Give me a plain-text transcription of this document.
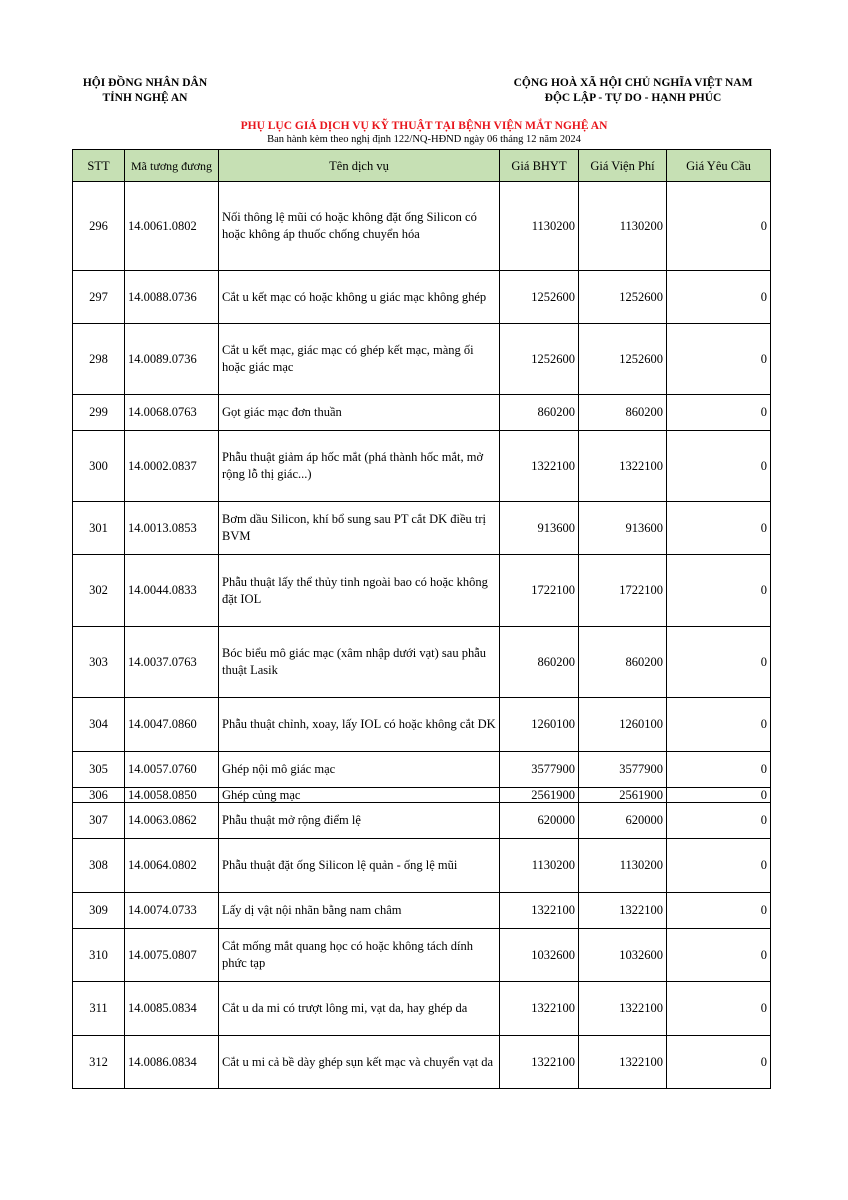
HỘI ĐỒNG NHÂN DÂN
TỈNH NGHỆ AN
CỘNG HOÀ XÃ HỘI CHỦ NGHĨA VIỆT NAM
ĐỘC LẬP - TỰ DO - HẠNH PHÚC
PHỤ LỤC GIÁ DỊCH VỤ KỸ THUẬT TẠI BỆNH VIỆN MẮT NGHỆ AN
Ban hành kèm theo nghị định 122/NQ-HĐND ngày 06 tháng 12 năm 2024
STT	Mã tương đương	Tên dịch vụ	Giá BHYT	Giá Viện Phí	Giá Yêu Cầu
296	14.0061.0802	Nối thông lệ mũi có hoặc không đặt ống Silicon có hoặc không áp thuốc chống chuyển hóa	1130200	1130200	0
297	14.0088.0736	Cắt u kết mạc có hoặc không u giác mạc không ghép	1252600	1252600	0
298	14.0089.0736	Cắt u kết mạc, giác mạc có ghép kết mạc, màng ối hoặc giác mạc	1252600	1252600	0
299	14.0068.0763	Gọt giác mạc đơn thuần	860200	860200	0
300	14.0002.0837	Phẫu thuật giảm áp hốc mắt (phá thành hốc mắt, mở rộng lỗ thị giác...)	1322100	1322100	0
301	14.0013.0853	Bơm dầu Silicon, khí bổ sung sau PT cắt DK điều trị BVM	913600	913600	0
302	14.0044.0833	Phẫu thuật lấy thể thủy tinh ngoài bao có hoặc không đặt IOL	1722100	1722100	0
303	14.0037.0763	Bóc biểu mô giác mạc (xâm nhập dưới vạt) sau phẫu thuật Lasik	860200	860200	0
304	14.0047.0860	Phẫu thuật chỉnh, xoay, lấy IOL có hoặc không cắt DK	1260100	1260100	0
305	14.0057.0760	Ghép nội mô giác mạc	3577900	3577900	0
306	14.0058.0850	Ghép củng mạc	2561900	2561900	0
307	14.0063.0862	Phẫu thuật mở rộng điểm lệ	620000	620000	0
308	14.0064.0802	Phẫu thuật đặt ống Silicon lệ quản - ống lệ mũi	1130200	1130200	0
309	14.0074.0733	Lấy dị vật nội nhãn bằng nam châm	1322100	1322100	0
310	14.0075.0807	Cắt mống mắt quang học có hoặc không tách dính phức tạp	1032600	1032600	0
311	14.0085.0834	Cắt u da mi có trượt lông mi, vạt da, hay ghép da	1322100	1322100	0
312	14.0086.0834	Cắt u mi cả bề dày ghép sụn kết mạc và chuyển vạt da	1322100	1322100	0
